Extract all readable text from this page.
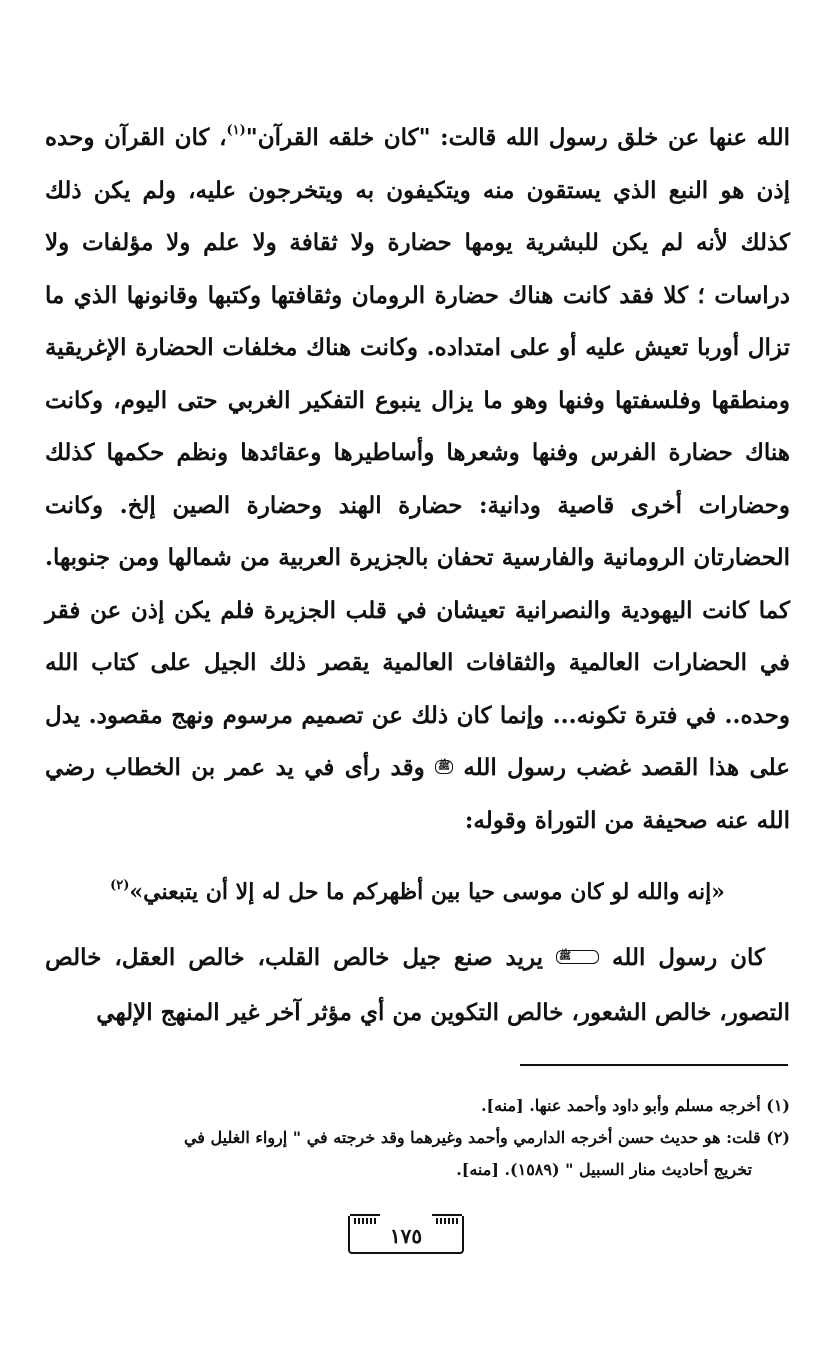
الله عنها عن خلق رسول الله قالت: "كان خلقه القرآن"$^{(١)}$، كان القرآن وحده إذن هو النبع الذي يستقون منه ويتكيفون به ويتخرجون عليه، ولم يكن ذلك كذلك لأنه لم يكن للبشرية يومها حضارة ولا ثقافة ولا علم ولا مؤلفات ولا دراسات ؛ كلا فقد كانت هناك حضارة الرومان وثقافتها وكتبها وقانونها الذي ما تزال أوربا تعيش عليه أو على امتداده. وكانت هناك مخلفات الحضارة الإغريقية ومنطقها وفلسفتها وفنها وهو ما يزال ينبوع التفكير الغربي حتى اليوم، وكانت هناك حضارة الفرس وفنها وشعرها وأساطيرها وعقائدها ونظم حكمها كذلك وحضارات أخرى قاصية ودانية: حضارة الهند وحضارة الصين إلخ. وكانت الحضارتان الرومانية والفارسية تحفان بالجزيرة العربية من شمالها ومن جنوبها. كما كانت اليهودية والنصرانية تعيشان في قلب الجزيرة فلم يكن إذن عن فقر في الحضارات العالمية والثقافات العالمية يقصر ذلك الجيل على كتاب الله وحده.. في فترة تكونه... وإنما كان ذلك عن تصميم مرسوم ونهج مقصود. يدل على هذا القصد غضب رسول الله ﷺ وقد رأى في يد عمر بن الخطاب رضي الله عنه صحيفة من التوراة وقوله:

«إنه والله لو كان موسى حيا بين أظهركم ما حل له إلا أن يتبعني»$^{(٢)}$
كان رسول الله ﷺ يريد صنع جيل خالص القلب، خالص العقل، خالص التصور، خالص الشعور، خالص التكوين من أي مؤثر آخر غير المنهج الإلهي

(١) أخرجه مسلم وأبو داود وأحمد عنها. [منه].

(٢) قلت: هو حديث حسن أخرجه الدارمي وأحمد وغيرهما وقد خرجته في " إرواء الغليل في

تخريج أحاديث منار السبيل " (١٥٨٩). [منه].

١٧٥
